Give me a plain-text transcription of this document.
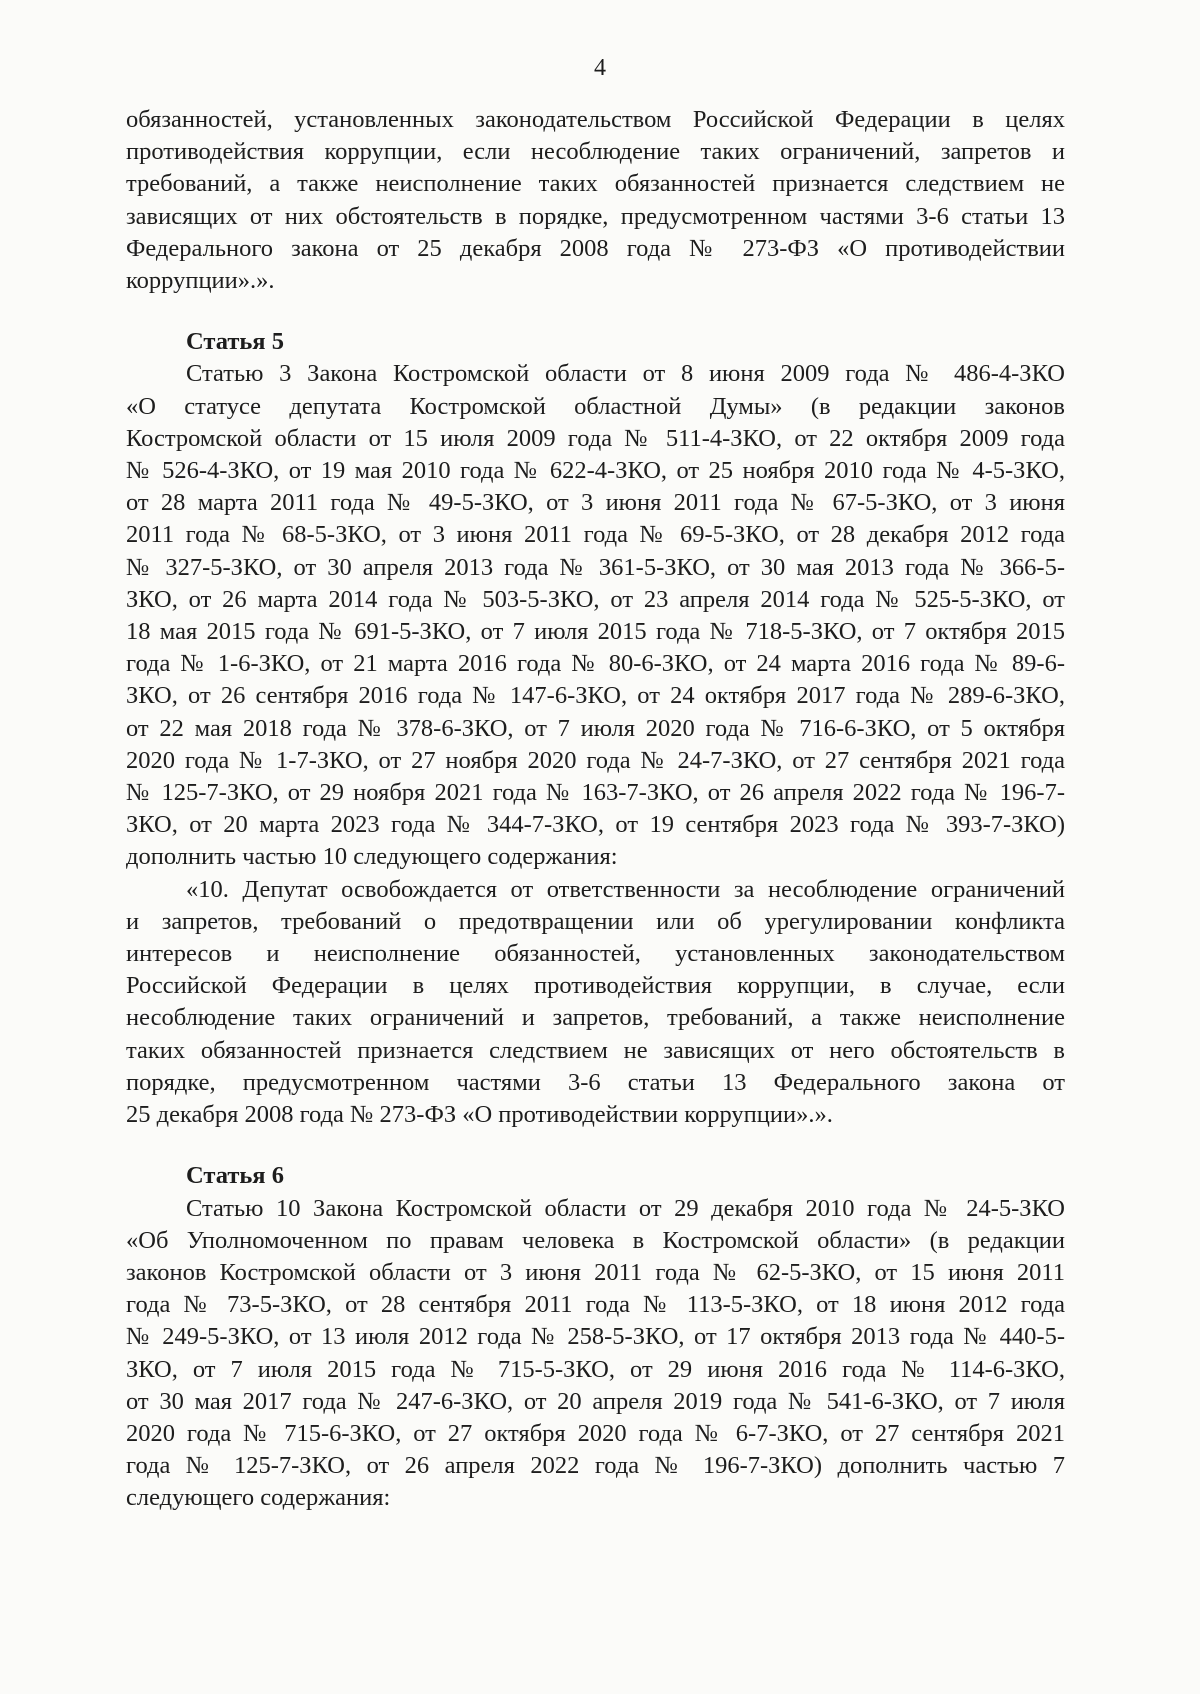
4
обязанностей, установленных законодательством Российской Федерации в целях
противодействия коррупции, если несоблюдение таких ограничений, запретов и
требований, а также неисполнение таких обязанностей признается следствием не
зависящих от них обстоятельств в порядке, предусмотренном частями 3-6 статьи 13
Федерального закона от 25 декабря 2008 года № 273-ФЗ «О противодействии
коррупции».».
Статья 5
Статью 3 Закона Костромской области от 8 июня 2009 года № 486-4-ЗКО
«О статусе депутата Костромской областной Думы» (в редакции законов
Костромской области от 15 июля 2009 года № 511-4-ЗКО, от 22 октября 2009 года
№ 526-4-ЗКО, от 19 мая 2010 года № 622-4-ЗКО, от 25 ноября 2010 года № 4-5-ЗКО,
от 28 марта 2011 года № 49-5-ЗКО, от 3 июня 2011 года № 67-5-ЗКО, от 3 июня
2011 года № 68-5-ЗКО, от 3 июня 2011 года № 69-5-ЗКО, от 28 декабря 2012 года
№ 327-5-ЗКО, от 30 апреля 2013 года № 361-5-ЗКО, от 30 мая 2013 года № 366-5-
ЗКО, от 26 марта 2014 года № 503-5-ЗКО, от 23 апреля 2014 года № 525-5-ЗКО, от
18 мая 2015 года № 691-5-ЗКО, от 7 июля 2015 года № 718-5-ЗКО, от 7 октября 2015
года № 1-6-ЗКО, от 21 марта 2016 года № 80-6-ЗКО, от 24 марта 2016 года № 89-6-
ЗКО, от 26 сентября 2016 года № 147-6-ЗКО, от 24 октября 2017 года № 289-6-ЗКО,
от 22 мая 2018 года № 378-6-ЗКО, от 7 июля 2020 года № 716-6-ЗКО, от 5 октября
2020 года № 1-7-ЗКО, от 27 ноября 2020 года № 24-7-ЗКО, от 27 сентября 2021 года
№ 125-7-ЗКО, от 29 ноября 2021 года № 163-7-ЗКО, от 26 апреля 2022 года № 196-7-
ЗКО, от 20 марта 2023 года № 344-7-ЗКО, от 19 сентября 2023 года № 393-7-ЗКО)
дополнить частью 10 следующего содержания:
«10. Депутат освобождается от ответственности за несоблюдение ограничений
и запретов, требований о предотвращении или об урегулировании конфликта
интересов и неисполнение обязанностей, установленных законодательством
Российской Федерации в целях противодействия коррупции, в случае, если
несоблюдение таких ограничений и запретов, требований, а также неисполнение
таких обязанностей признается следствием не зависящих от него обстоятельств в
порядке, предусмотренном частями 3-6 статьи 13 Федерального закона от
25 декабря 2008 года № 273-ФЗ «О противодействии коррупции».».
Статья 6
Статью 10 Закона Костромской области от 29 декабря 2010 года № 24-5-ЗКО
«Об Уполномоченном по правам человека в Костромской области» (в редакции
законов Костромской области от 3 июня 2011 года № 62-5-ЗКО, от 15 июня 2011
года № 73-5-ЗКО, от 28 сентября 2011 года № 113-5-ЗКО, от 18 июня 2012 года
№ 249-5-ЗКО, от 13 июля 2012 года № 258-5-ЗКО, от 17 октября 2013 года № 440-5-
ЗКО, от 7 июля 2015 года № 715-5-ЗКО, от 29 июня 2016 года № 114-6-ЗКО,
от 30 мая 2017 года № 247-6-ЗКО, от 20 апреля 2019 года № 541-6-ЗКО, от 7 июля
2020 года № 715-6-ЗКО, от 27 октября 2020 года № 6-7-ЗКО, от 27 сентября 2021
года № 125-7-ЗКО, от 26 апреля 2022 года № 196-7-ЗКО) дополнить частью 7
следующего содержания:
